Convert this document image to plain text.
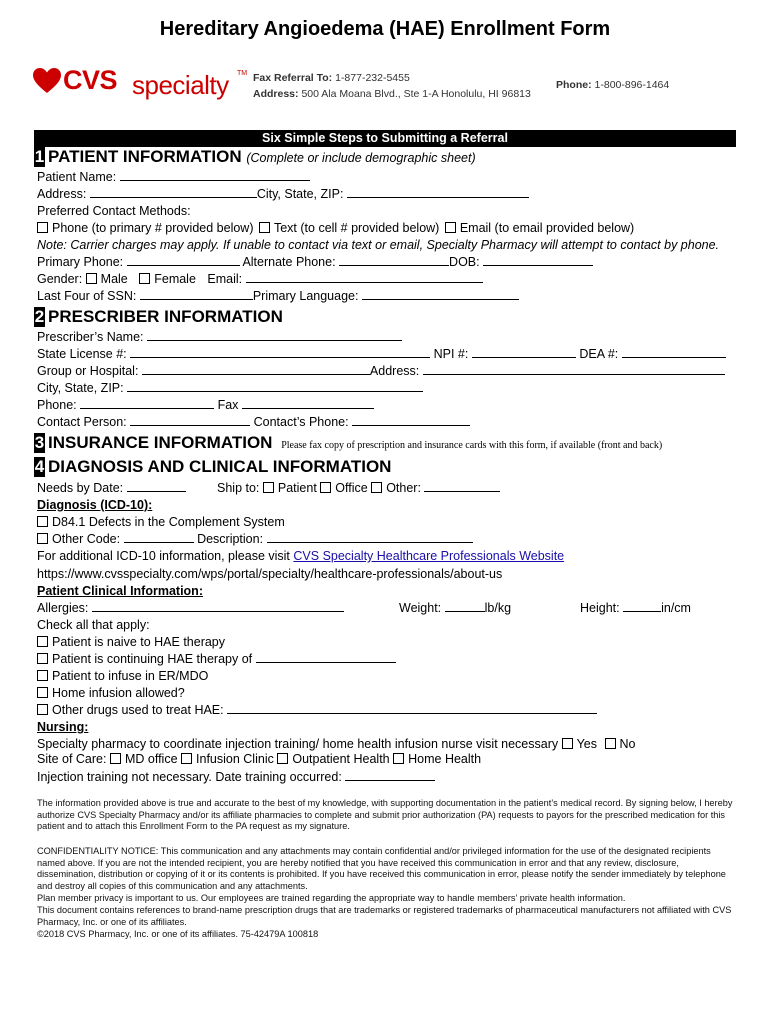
Hereditary Angioedema (HAE) Enrollment Form
CVS specialty TM Fax Referral To: 1-877-232-5455
Address: 500 Ala Moana Blvd., Ste 1-A Honolulu, HI 96813
Phone: 1-800-896-1464
Six Simple Steps to Submitting a Referral
1 PATIENT INFORMATION (Complete or include demographic sheet)
Patient Name:
Address:	City, State, ZIP:
Preferred Contact Methods:
Phone (to primary # provided below) Text (to cell # provided below) Email (to email provided below)
Note: Carrier charges may apply. If unable to contact via text or email, Specialty Pharmacy will attempt to contact by phone.
Primary Phone:	Alternate Phone:	DOB:
Gender: Male Female Email:
Last Four of SSN:	Primary Language:
2 PRESCRIBER INFORMATION
Prescriber’s Name:
State License #:	NPI #:	DEA #:
Group or Hospital:	Address:
City, State, ZIP:
Phone:	Fax
Contact Person:	Contact’s Phone:
3 INSURANCE INFORMATION Please fax copy of prescription and insurance cards with this form, if available (front and back)
4 DIAGNOSIS AND CLINICAL INFORMATION
Needs by Date:	Ship to: Patient Office Other:
Diagnosis (ICD-10):
D84.1 Defects in the Complement System
Other Code:	Description:
For additional ICD-10 information, please visit CVS Specialty Healthcare Professionals Website
https://www.cvsspecialty.com/wps/portal/specialty/healthcare-professionals/about-us
Patient Clinical Information:
Allergies:	Weight:	lb/kg	Height:	in/cm
Check all that apply:
Patient is naive to HAE therapy
Patient is continuing HAE therapy of
Patient to infuse in ER/MDO
Home infusion allowed?
Other drugs used to treat HAE:
Nursing:
Specialty pharmacy to coordinate injection training/ home health infusion nurse visit necessary Yes No
Site of Care: MD office Infusion Clinic Outpatient Health Home Health
Injection training not necessary. Date training occurred:
The information provided above is true and accurate to the best of my knowledge, with supporting documentation in the patient’s medical record. By signing below, I hereby authorize CVS Specialty Pharmacy and/or its affiliate pharmacies to complete and submit prior authorization (PA) requests to payors for the prescribed medication for this patient and to attach this Enrollment Form to the PA request as my signature.
CONFIDENTIALITY NOTICE: This communication and any attachments may contain confidential and/or privileged information for the use of the designated recipients named above. If you are not the intended recipient, you are hereby notified that you have received this communication in error and that any review, disclosure, dissemination, distribution or copying of it or its contents is prohibited. If you have received this communication in error, please notify the sender immediately by telephone and destroy all copies of this communication and any attachments.
Plan member privacy is important to us. Our employees are trained regarding the appropriate way to handle members’ private health information.
This document contains references to brand-name prescription drugs that are trademarks or registered trademarks of pharmaceutical manufacturers not affiliated with CVS Pharmacy, Inc. or one of its affiliates.
©2018 CVS Pharmacy, Inc. or one of its affiliates. 75-42479A 100818
